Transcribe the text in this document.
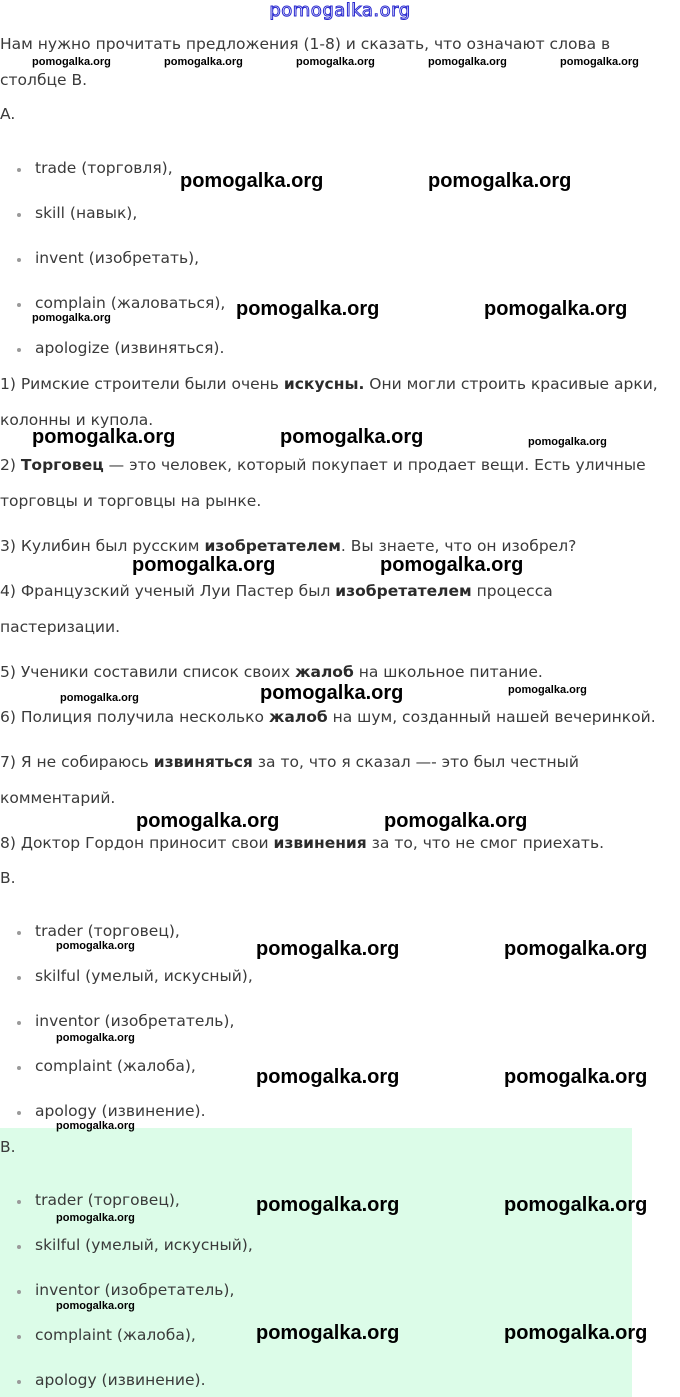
pomogalka.org
Нам нужно прочитать предложения (1-8) и сказать, что означают слова в
столбце В.
A.
trade (торговля),
skill (навык),
invent (изобретать),
complain (жаловаться),
apologize (извиняться).
1) Римские строители были очень искусны. Они могли строить красивые арки,
колонны и купола.
2) Торговец — это человек, который покупает и продает вещи. Есть уличные
торговцы и торговцы на рынке.
3) Кулибин был русским изобретателем. Вы знаете, что он изобрел?
4) Французский ученый Луи Пастер был изобретателем процесса
пастеризации.
5) Ученики составили список своих жалоб на школьное питание.
6) Полиция получила несколько жалоб на шум, созданный нашей вечеринкой.
7) Я не собираюсь извиняться за то, что я сказал —- это был честный
комментарий.
8) Доктор Гордон приносит свои извинения за то, что не смог приехать.
B.
trader (торговец),
skilful (умелый, искусный),
inventor (изобретатель),
complaint (жалоба),
apology (извинение).
B.
trader (торговец),
skilful (умелый, искусный),
inventor (изобретатель),
complaint (жалоба),
apology (извинение).
pomogalka.org	pomogalka.org	pomogalka.org	pomogalka.org	pomogalka.org
pomogalka.org
pomogalka.org
pomogalka.org
pomogalka.org
pomogalka.org
pomogalka.org
pomogalka.org
pomogalka.org
pomogalka.org
pomogalka.org	pomogalka.org
pomogalka.org	pomogalka.org
pomogalka.org	pomogalka.org
pomogalka.org	pomogalka.org
pomogalka.org
pomogalka.org	pomogalka.org
pomogalka.org	pomogalka.org
pomogalka.org	pomogalka.org
pomogalka.org	pomogalka.org
pomogalka.org	pomogalka.org
